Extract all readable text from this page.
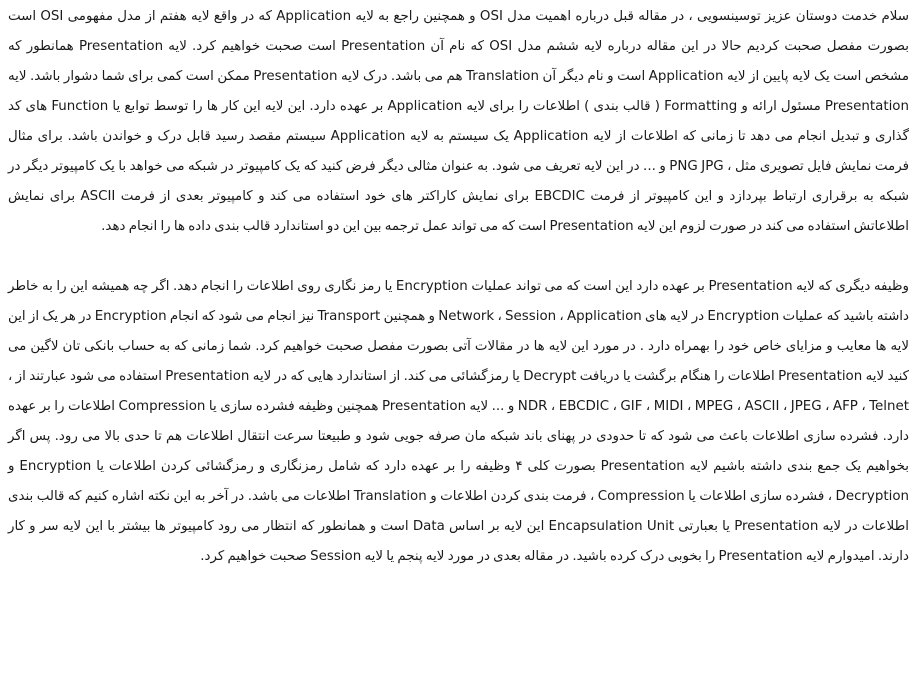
سلام خدمت دوستان عزیز توسینسویی ، در مقاله قبل درباره اهمیت مدل OSI و همچنین راجع به لایه Application که در واقع لایه هفتم از مدل مفهومی OSI است بصورت مفصل صحبت کردیم حالا در این مقاله درباره لایه ششم مدل OSI که نام آن Presentation است صحبت خواهیم کرد. لایه Presentation همانطور که مشخص است یک لایه پایین از لایه Application است و نام دیگر آن Translation هم می باشد. درک لایه Presentation ممکن است کمی برای شما دشوار باشد. لایه Presentation مسئول ارائه و Formatting ( قالب بندی ) اطلاعات را برای لایه Application بر عهده دارد. این لایه این کار ها را توسط توابع یا Function های کد گذاری و تبدیل انجام می دهد تا زمانی که اطلاعات از لایه Application یک سیستم به لایه Application سیستم مقصد رسید قابل درک و خواندن باشد. برای مثال فرمت نمایش فایل تصویری مثل ، PNG JPG و ... در این لایه تعریف می شود. به عنوان مثالی دیگر فرض کنید که یک کامپیوتر در شبکه می خواهد با یک کامپیوتر دیگر در شبکه به برقراری ارتباط بپردازد و این کامپیوتر از فرمت EBCDIC برای نمایش کاراکتر های خود استفاده می کند و کامپیوتر بعدی از فرمت ASCII برای نمایش اطلاعاتش استفاده می کند در صورت لزوم این لایه Presentation است که می تواند عمل ترجمه بین این دو استاندارد قالب بندی داده ها را انجام دهد.

وظیفه دیگری که لایه Presentation بر عهده دارد این است که می تواند عملیات Encryption یا رمز نگاری روی اطلاعات را انجام دهد. اگر چه همیشه این را به خاطر داشته باشید که عملیات Encryption در لایه های Network ، Session ، Application و همچنین Transport نیز انجام می شود که انجام Encryption در هر یک از این لایه ها معایب و مزایای خاص خود را بهمراه دارد . در مورد این لایه ها در مقالات آتی بصورت مفصل صحبت خواهیم کرد. شما زمانی که به حساب بانکی تان لاگین می کنید لایه Presentation اطلاعات را هنگام برگشت یا دریافت Decrypt یا رمزگشائی می کند. از استاندارد هایی که در لایه Presentation استفاده می شود عبارتند از ، NDR ، EBCDIC ، GIF ، MIDI ، MPEG ، ASCII ، JPEG ، AFP ، Telnet و ... لایه Presentation همچنین وظیفه فشرده سازی یا Compression اطلاعات را بر عهده دارد. فشرده سازی اطلاعات باعث می شود که تا حدودی در پهنای باند شبکه مان صرفه جویی شود و طبیعتا سرعت انتقال اطلاعات هم تا حدی بالا می رود. پس اگر بخواهیم یک جمع بندی داشته باشیم لایه Presentation بصورت کلی ۴ وظیفه را بر عهده دارد که شامل رمزنگاری و رمزگشائی کردن اطلاعات یا Encryption و Decryption ، فشرده سازی اطلاعات یا Compression ، فرمت بندی کردن اطلاعات و Translation اطلاعات می باشد. در آخر به این نکته اشاره کنیم که قالب بندی اطلاعات در لایه Presentation یا بعبارتی Encapsulation Unit این لایه بر اساس Data است و همانطور که انتظار می رود کامپیوتر ها بیشتر با این لایه سر و کار دارند. امیدوارم لایه Presentation را بخوبی درک کرده باشید. در مقاله بعدی در مورد لایه پنجم یا لایه Session صحبت خواهیم کرد.
